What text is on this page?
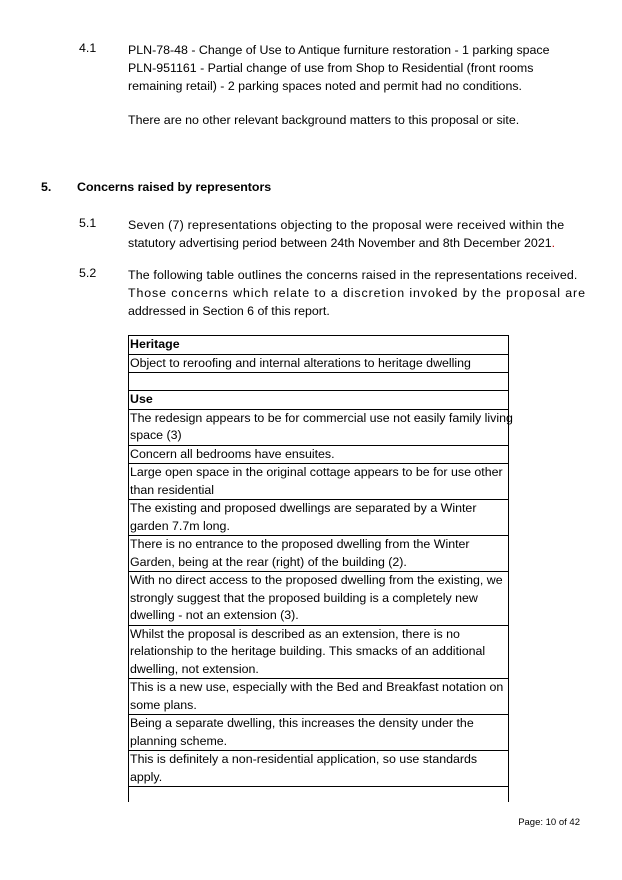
4.1	PLN-78-48 - Change of Use to Antique furniture restoration - 1 parking space
PLN-951161 - Partial change of use from Shop to Residential (front rooms
remaining retail) - 2 parking spaces noted and permit had no conditions.
There are no other relevant background matters to this proposal or site.
5. Concerns raised by representors
5.1	Seven (7) representations objecting to the proposal were received within the
statutory advertising period between 24th November and 8th December 2021.
5.2	The following table outlines the concerns raised in the representations received.
Those concerns which relate to a discretion invoked by the proposal are
addressed in Section 6 of this report.
Heritage
Object to reroofing and internal alterations to heritage dwelling

Use

The redesign appears to be for commercial use not easily family living
space (3)

Concern all bedrooms have ensuites.

Large open space in the original cottage appears to be for use other
than residential

The existing and proposed dwellings are separated by a Winter
garden 7.7m long.

There is no entrance to the proposed dwelling from the Winter
Garden, being at the rear (right) of the building (2).

With no direct access to the proposed dwelling from the existing, we
strongly suggest that the proposed building is a completely new
dwelling - not an extension (3).

Whilst the proposal is described as an extension, there is no
relationship to the heritage building. This smacks of an additional
dwelling, not extension.

This is a new use, especially with the Bed and Breakfast notation on
some plans.

Being a separate dwelling, this increases the density under the
planning scheme.

This is definitely a non-residential application, so use standards
apply.

Page: 10 of 42
